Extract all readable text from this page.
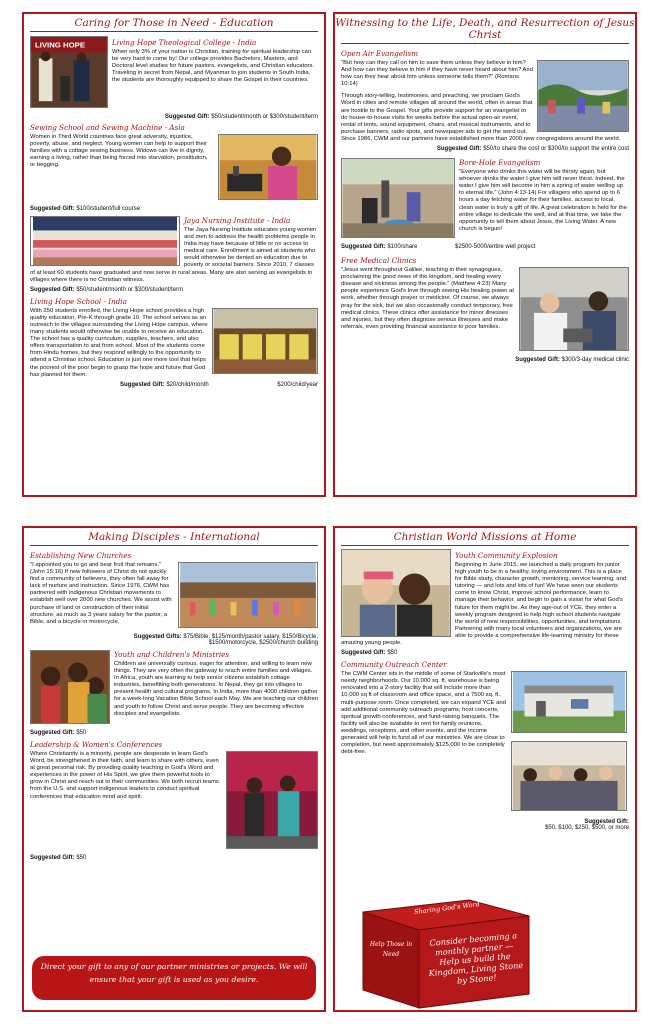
Caring for Those in Need - Education
LIVING HOPE	Living Hope Theological College - India
When only 3% of your nation is Christian, training for spiritual leadership can be very hard to come by! Our college provides Bachelors, Masters, and Doctoral level studies for future pastors, evangelists, and Christian educators. Traveling in secret from Nepal, and Myanmar to join students in South India, the students are thoroughly equipped to share the Gospel in their countries.
Suggested Gift: $50/student/month or $300/student/term
Sewing School and Sewing Machine - Asia
Women in Third World countries face great adversity, injustice, poverty, abuse, and neglect. Young women can help to support their families with a cottage sewing business. Widows can live in dignity, earning a living, rather than being forced into starvation, prostitution, or begging.
Suggested Gift: $100/student/full course
Jaya Nursing Institute - India
The Jaya Nursing Institute educates young women and men to address the health problems people in India may have because of little or no access to medical care. Enrollment is aimed at students who would otherwise be denied an education due to poverty or societal barriers. Since 2010, 7 classes of at least 60 students have graduated and now serve in rural areas. Many are also serving as evangelists in villages where there is no Christian witness.
Suggested Gift: $50/student/month or $300/student/term
Living Hope School - India
With 250 students enrolled, the Living Hope school provides a high quality education, Pre-K through grade 10. The school serves as an outreach to the villages surrounding the Living Hope campus, where many students would otherwise be unable to receive an education. The school has a quality curriculum, supplies, teachers, and also offers transportation to and from school. Most of the students come from Hindu homes, but they respond willingly to the opportunity to attend a Christian school. Education is just one more tool that helps the poorest of the poor begin to grasp the hope and future that God has planned for them.
Suggested Gift: $20/child/month	$200/child/year
Witnessing to the Life, Death, and Resurrection of Jesus Christ
Open Air Evangelism
"But how can they call on him to save them unless they believe in him? And how can they believe in him if they have never heard about him? And how can they hear about him unless someone tells them?" (Romans 10:14)
Through story-telling, testimonies, and preaching, we proclaim God's Word in cities and remote villages all around the world, often in areas that are hostile to the Gospel. Your gifts provide support for an evangelist to do house-to-house visits for weeks before the actual open-air event, rental of tents, sound equipment, chairs, and musical instruments, and to purchase banners, radio spots, and newspaper ads to get the word out. Since 1986, CWM and our partners have established more than 2000 new congregations around the world.
Suggested Gift: $50/to share the cost or $300/to support the entire cost
Bore-Hole Evangelism
"Everyone who drinks this water will be thirsty again, but whoever drinks the water I give him will never thirst. Indeed, the water I give him will become in him a spring of water welling up to eternal life." (John 4:13-14) For villagers who spend up to 6 hours a day fetching water for their families, access to local, clean water is truly a gift of life. A great celebration is held for the entire village to dedicate the well, and at that time, we take the opportunity to tell them about Jesus, the Living Water. A new church is begun!
Suggested Gift: $100/share	$2500-5000/entire well project
Free Medical Clinics
"Jesus went throughout Galilee, teaching in their synagogues, proclaiming the good news of the kingdom, and healing every disease and sickness among the people." (Matthew 4:23) Many people experience God's love through seeing His healing power at work, whether through prayer or medicine. Of course, we always pray for the sick, but we also occasionally conduct temporary, free medical clinics. These clinics offer assistance for minor illnesses and injuries, but they often diagnose serious illnesses and make referrals, even providing financial assistance to poor families.
Suggested Gift: $300/3-day medical clinic
Making Disciples - International
Establishing New Churches
"I appointed you to go and bear fruit that remains." (John 15:16) If new followers of Christ do not quickly find a community of believers, they often fall away for lack of nurture and instruction. Since 1976, CWM has partnered with indigenous Christian movements to establish well over 2000 new churches. We assist with purchase of land or construction of their initial structure, as much as 3 years salary for the pastor, a Bible, and a bicycle or motorcycle.
Suggested Gifts: $75/Bible, $125/month/pastor salary, $150/Bicycle,
$1500/motorcycle, $2500/church building
Youth and Children's Ministries
Children are universally curious, eager for attention, and willing to learn new things. They are very often the gateway to reach entire families and villages. In Africa, youth are learning to help senior citizens establish cottage industries, benefitting both generations. In Nepal, they go into villages to present health and cultural programs. In India, more than 4000 children gather for a week-long Vacation Bible School each May. We are teaching our children and youth to follow Christ and serve people. They are becoming effective disciples and evangelists.
Suggested Gift: $50
Leadership & Women's Conferences
Where Christianity is a minority, people are desperate to learn God's Word, be strengthened in their faith, and learn to share with others, even at great personal risk. By providing quality teaching in God's Word and experiences in the power of His Spirit, we give them powerful tools to grow in Christ and reach out to their communities. We both recruit teams from the U.S. and support indigenous leaders to conduct spiritual conferences that education mind and spirit.
Suggested Gift: $50
Direct your gift to any of our partner ministries or projects. We will ensure that your gift is used as you desire.
Christian World Missions at Home
Youth Community Explosion
Beginning in June 2015, we launched a daily program for junior high youth to be in a healthy, loving environment. This is a place for Bible study, character growth, mentoring, service learning, and tutoring — and lots and lots of fun! We have seen our students come to know Christ, improve school performance, learn to manage their behavior, and begin to gain a vision for what God's future for them might be. As they age-out of YCE, they enter a weekly program designed to help high school students navigate the world of new responsibilities, opportunities, and temptations. Partnering with many local volunteers and organizations, we are able to provide a comprehensive life-learning ministry for these amazing young people.
Suggested Gift: $50
Community Outreach Center

The CWM Center sits in the middle of some of Starkville's most needy neighborhoods. Our 10,000 sq. ft. warehouse is being renovated into a 2-story facility that will include more than 10,000 sq ft of classroom and office space, and a 7500 sq. ft. multi-purpose room. Once completed, we can expand YCE and add additional community outreach programs; host concerts, spiritual growth conferences, and fund-raising banquets. The facility will also be available to rent for family reunions, weddings, receptions, and other events, and the income generated will help to fund all of our ministries. We are close to completion, but need approximately $125,000 to be completely debt-free.
Suggested Gift:
$50, $100, $250, $500, or more
Sharing God's Word
Help Those in Need
Consider becoming a monthly partner — Help us build the Kingdom, Living Stone by Stone!
